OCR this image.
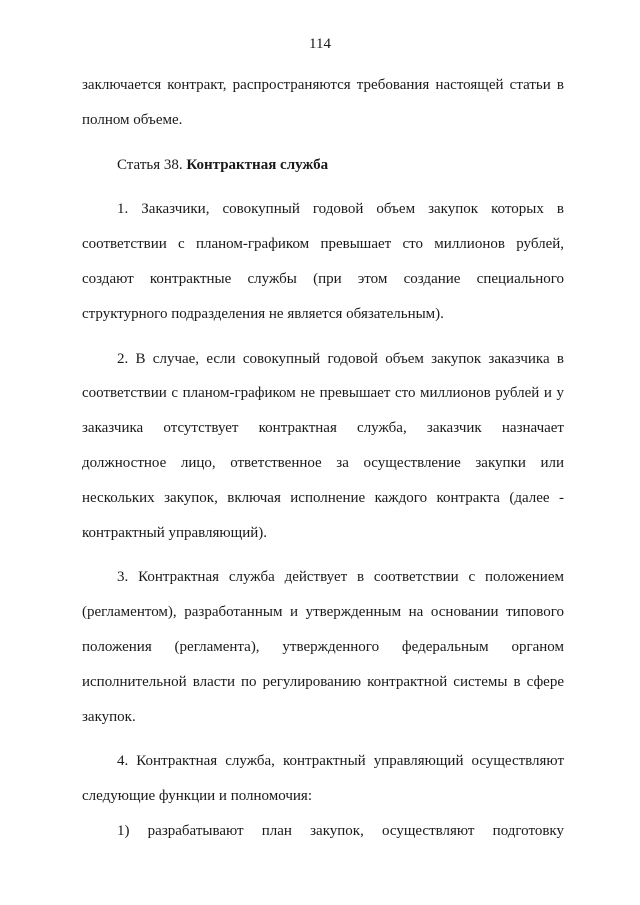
114

заключается контракт, распространяются требования настоящей статьи в полном объеме.

Статья 38. Контрактная служба

1. Заказчики, совокупный годовой объем закупок которых в соответствии с планом-графиком превышает сто миллионов рублей, создают контрактные службы (при этом создание специального структурного подразделения не является обязательным).

2. В случае, если совокупный годовой объем закупок заказчика в соответствии с планом-графиком не превышает сто миллионов рублей и у заказчика отсутствует контрактная служба, заказчик назначает должностное лицо, ответственное за осуществление закупки или нескольких закупок, включая исполнение каждого контракта (далее - контрактный управляющий).

3. Контрактная служба действует в соответствии с положением (регламентом), разработанным и утвержденным на основании типового положения (регламента), утвержденного федеральным органом исполнительной власти по регулированию контрактной системы в сфере закупок.

4. Контрактная служба, контрактный управляющий осуществляют следующие функции и полномочия:

1) разрабатывают план закупок, осуществляют подготовку
